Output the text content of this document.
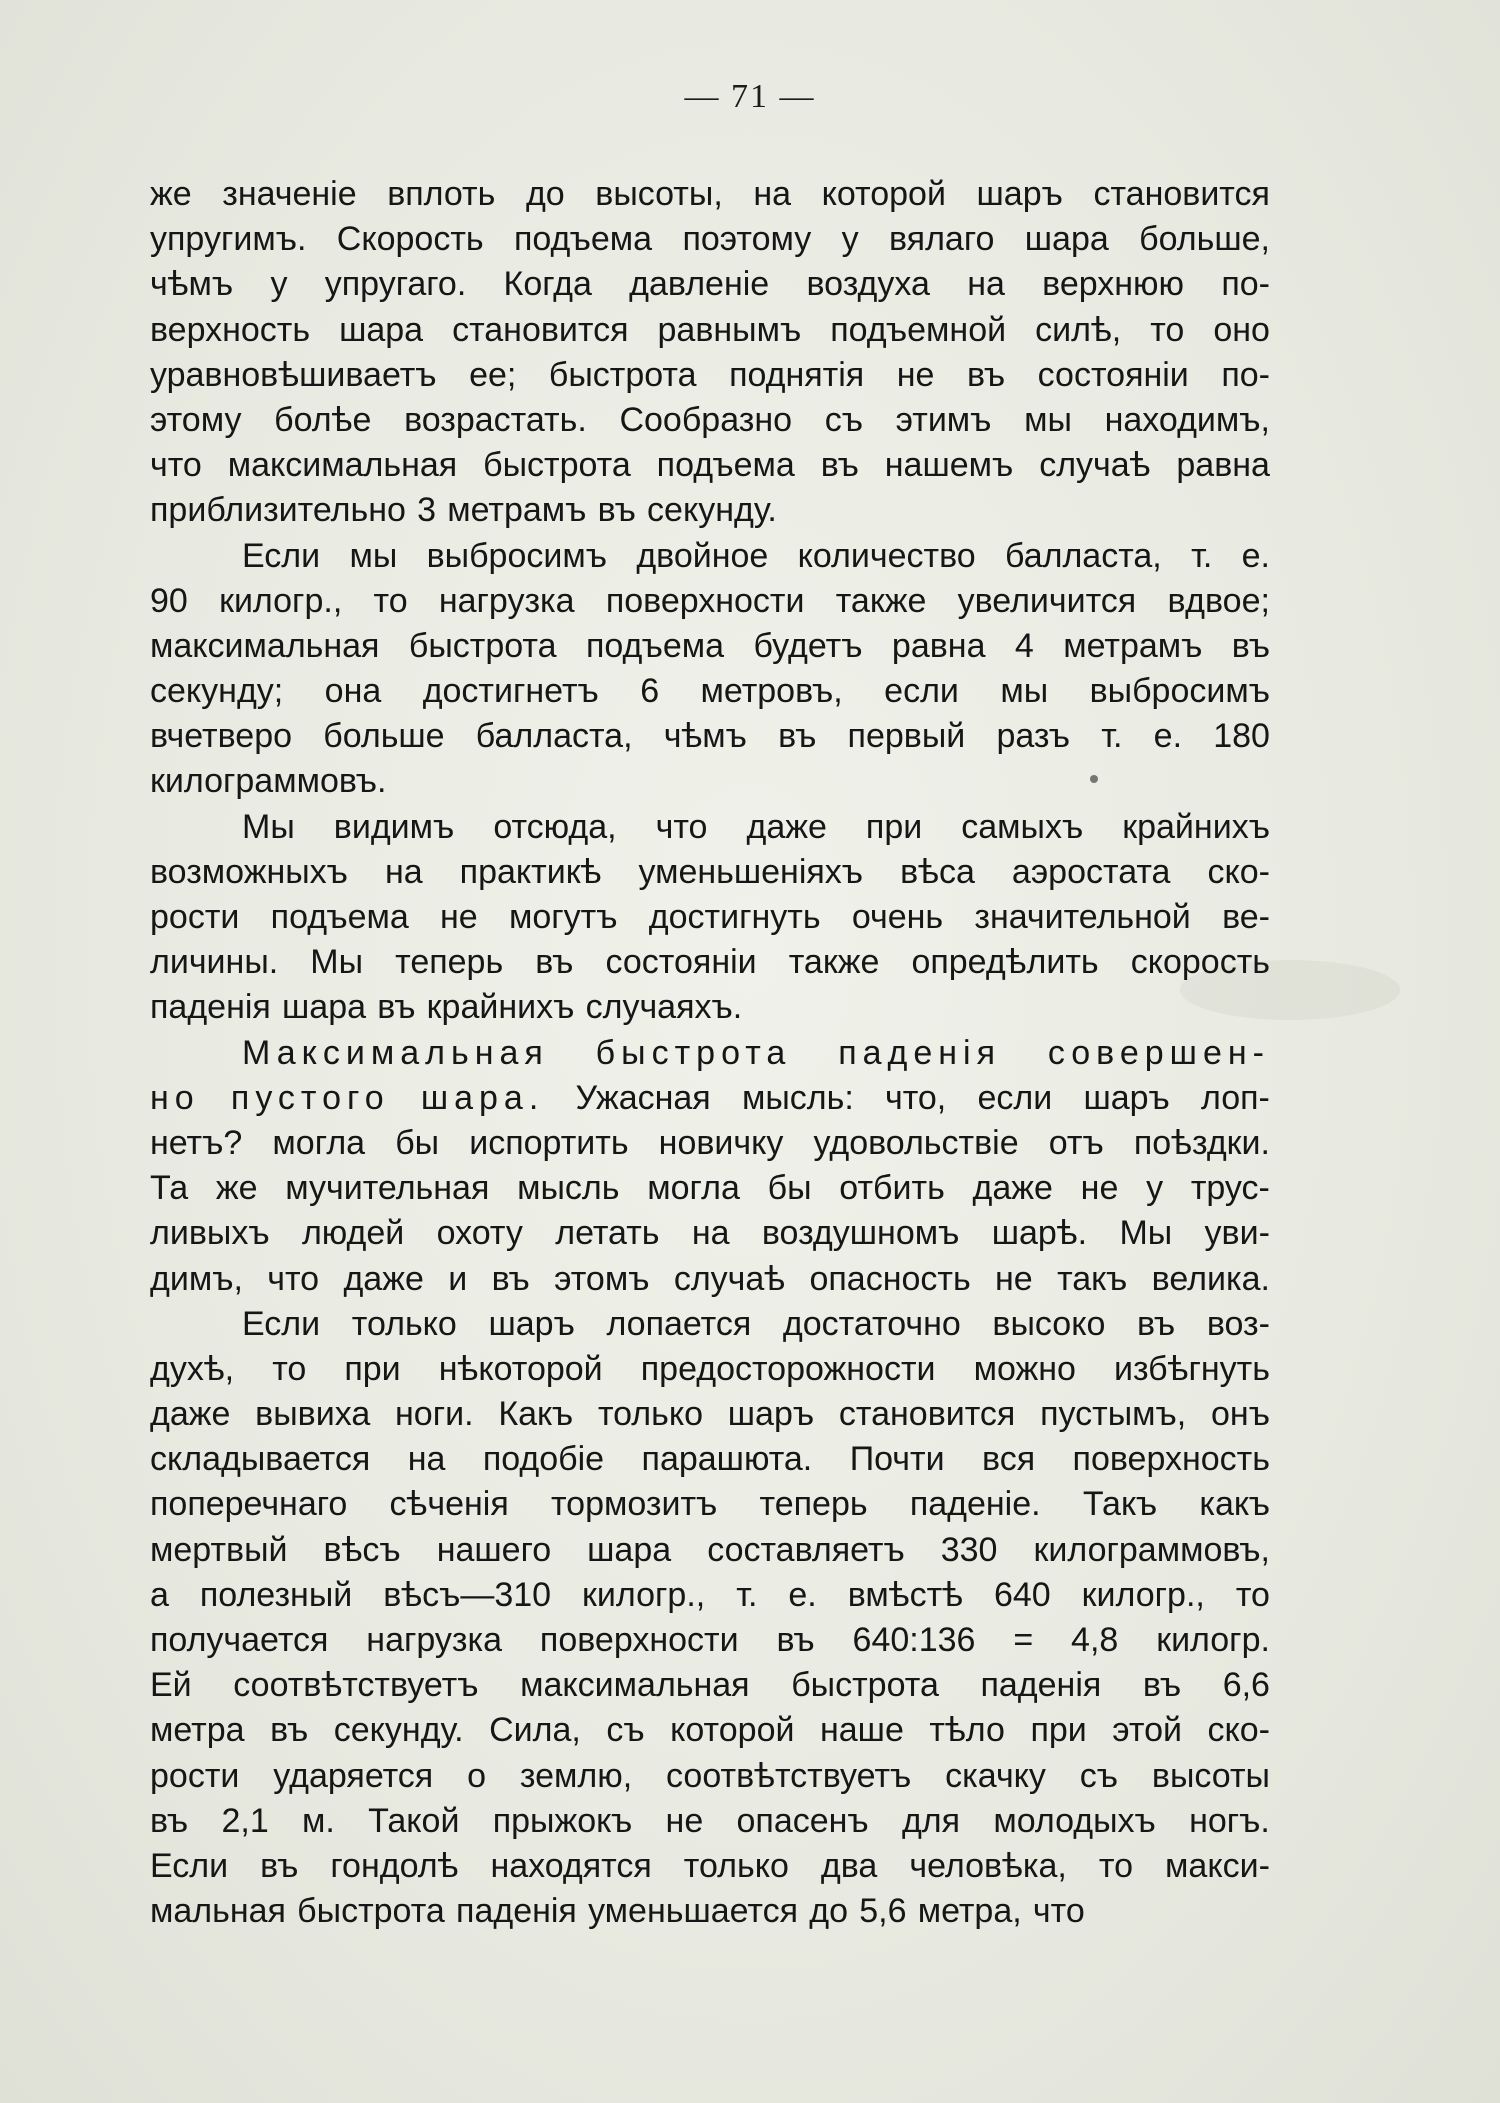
— 71 —
же значеніе вплоть до высоты, на которой шаръ становится
упругимъ. Скорость подъема поэтому у вялаго шара больше,
чѣмъ у упругаго. Когда давленіе воздуха на верхнюю по-
верхность шара становится равнымъ подъемной силѣ, то оно
уравновѣшиваетъ ее; быстрота поднятія не въ состояніи по-
этому болѣе возрастать. Сообразно съ этимъ мы находимъ,
что максимальная быстрота подъема въ нашемъ случаѣ равна
приблизительно 3 метрамъ въ секунду.
Если мы выбросимъ двойное количество балласта, т. е.
90 килогр., то нагрузка поверхности также увеличится вдвое;
максимальная быстрота подъема будетъ равна 4 метрамъ въ
секунду; она достигнетъ 6 метровъ, если мы выбросимъ
вчетверо больше балласта, чѣмъ въ первый разъ т. е. 180
килограммовъ.
Мы видимъ отсюда, что даже при самыхъ крайнихъ
возможныхъ на практикѣ уменьшеніяхъ вѣса аэростата ско-
рости подъема не могутъ достигнуть очень значительной ве-
личины. Мы теперь въ состояніи также опредѣлить скорость
паденія шара въ крайнихъ случаяхъ.
Максимальная быстрота паденія совершен-
но пустого шара. Ужасная мысль: что, если шаръ лоп-
нетъ? могла бы испортить новичку удовольствіе отъ поѣздки.
Та же мучительная мысль могла бы отбить даже не у трус-
ливыхъ людей охоту летать на воздушномъ шарѣ. Мы уви-
димъ, что даже и въ этомъ случаѣ опасность не такъ велика.
Если только шаръ лопается достаточно высоко въ воз-
духѣ, то при нѣкоторой предосторожности можно избѣгнуть
даже вывиха ноги. Какъ только шаръ становится пустымъ, онъ
складывается на подобіе парашюта. Почти вся поверхность
поперечнаго сѣченія тормозитъ теперь паденіе. Такъ какъ
мертвый вѣсъ нашего шара составляетъ 330 килограммовъ,
а полезный вѣсъ—310 килогр., т. е. вмѣстѣ 640 килогр., то
получается нагрузка поверхности въ 640:136 = 4,8 килогр.
Ей соотвѣтствуетъ максимальная быстрота паденія въ 6,6
метра въ секунду. Сила, съ которой наше тѣло при этой ско-
рости ударяется о землю, соотвѣтствуетъ скачку съ высоты
въ 2,1 м. Такой прыжокъ не опасенъ для молодыхъ ногъ.
Если въ гондолѣ находятся только два человѣка, то макси-
мальная быстрота паденія уменьшается до 5,6 метра, что
